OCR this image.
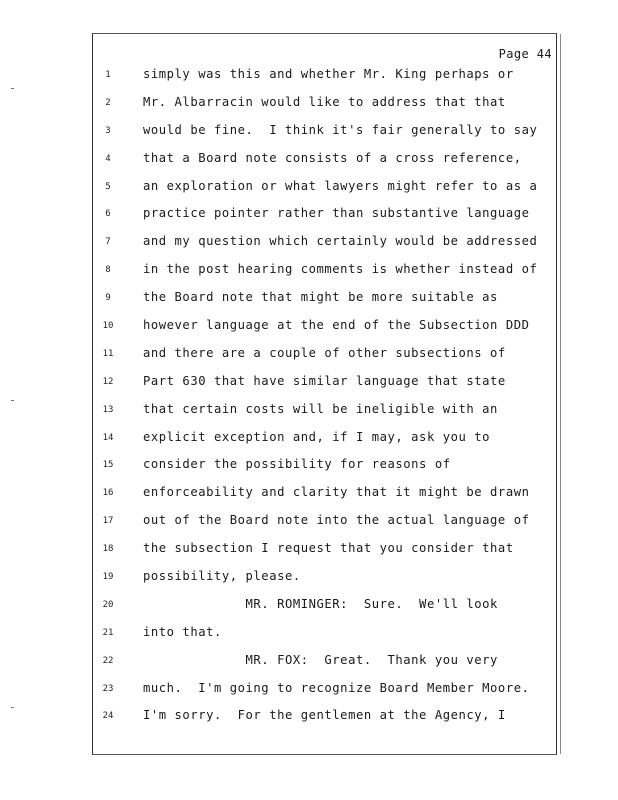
Page 44
1	simply was this and whether Mr. King perhaps or
2	Mr. Albarracin would like to address that that
3	would be fine.  I think it's fair generally to say
4	that a Board note consists of a cross reference,
5	an exploration or what lawyers might refer to as a
6	practice pointer rather than substantive language
7	and my question which certainly would be addressed
8	in the post hearing comments is whether instead of
9	the Board note that might be more suitable as
10 however language at the end of the Subsection DDD
11 and there are a couple of other subsections of
12 Part 630 that have similar language that state
13 that certain costs will be ineligible with an
14 explicit exception and, if I may, ask you to
15 consider the possibility for reasons of
16 enforceability and clarity that it might be drawn
17 out of the Board note into the actual language of
18 the subsection I request that you consider that
19 possibility, please.
20 MR. ROMINGER:  Sure.  We'll look
21 into that.
22 MR. FOX:  Great.  Thank you very
23 much.  I'm going to recognize Board Member Moore.
24 I'm sorry.  For the gentlemen at the Agency, I
